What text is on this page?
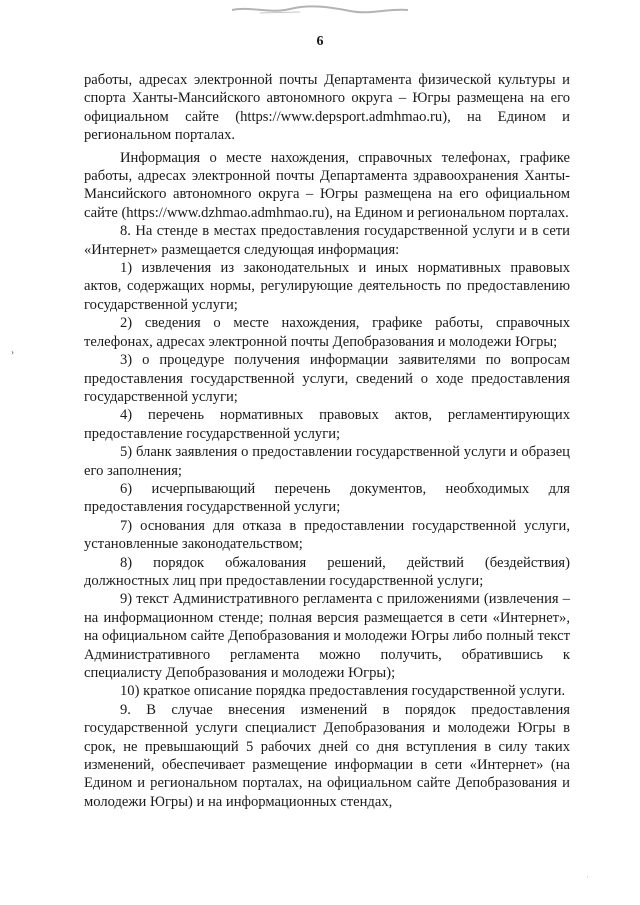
6
›
·

работы, адресах электронной почты Департамента физической культуры и спорта Ханты-Мансийского автономного округа – Югры размещена на его официальном сайте (https://www.depsport.admhmao.ru), на Едином и региональном порталах.

Информация о месте нахождения, справочных телефонах, графике работы, адресах электронной почты Департамента здравоохранения Ханты-Мансийского автономного округа – Югры размещена на его официальном сайте (https://www.dzhmao.admhmao.ru), на Едином и региональном порталах.

8. На стенде в местах предоставления государственной услуги и в сети «Интернет» размещается следующая информация:

1) извлечения из законодательных и иных нормативных правовых актов, содержащих нормы, регулирующие деятельность по предоставлению государственной услуги;

2) сведения о месте нахождения, графике работы, справочных телефонах, адресах электронной почты Депобразования и молодежи Югры;

3) о процедуре получения информации заявителями по вопросам предоставления государственной услуги, сведений о ходе предоставления государственной услуги;

4) перечень нормативных правовых актов, регламентирующих предоставление государственной услуги;

5) бланк заявления о предоставлении государственной услуги и образец его заполнения;

6) исчерпывающий перечень документов, необходимых для предоставления государственной услуги;

7) основания для отказа в предоставлении государственной услуги, установленные законодательством;

8) порядок обжалования решений, действий (бездействия) должностных лиц при предоставлении государственной услуги;

9) текст Административного регламента с приложениями (извлечения – на информационном стенде; полная версия размещается в сети «Интернет», на официальном сайте Депобразования и молодежи Югры либо полный текст Административного регламента можно получить, обратившись к специалисту Депобразования и молодежи Югры);

10) краткое описание порядка предоставления государственной услуги.

9. В случае внесения изменений в порядок предоставления государственной услуги специалист Депобразования и молодежи Югры в срок, не превышающий 5 рабочих дней со дня вступления в силу таких изменений, обеспечивает размещение информации в сети «Интернет» (на Едином и региональном порталах, на официальном сайте Депобразования и молодежи Югры) и на информационных стендах,
